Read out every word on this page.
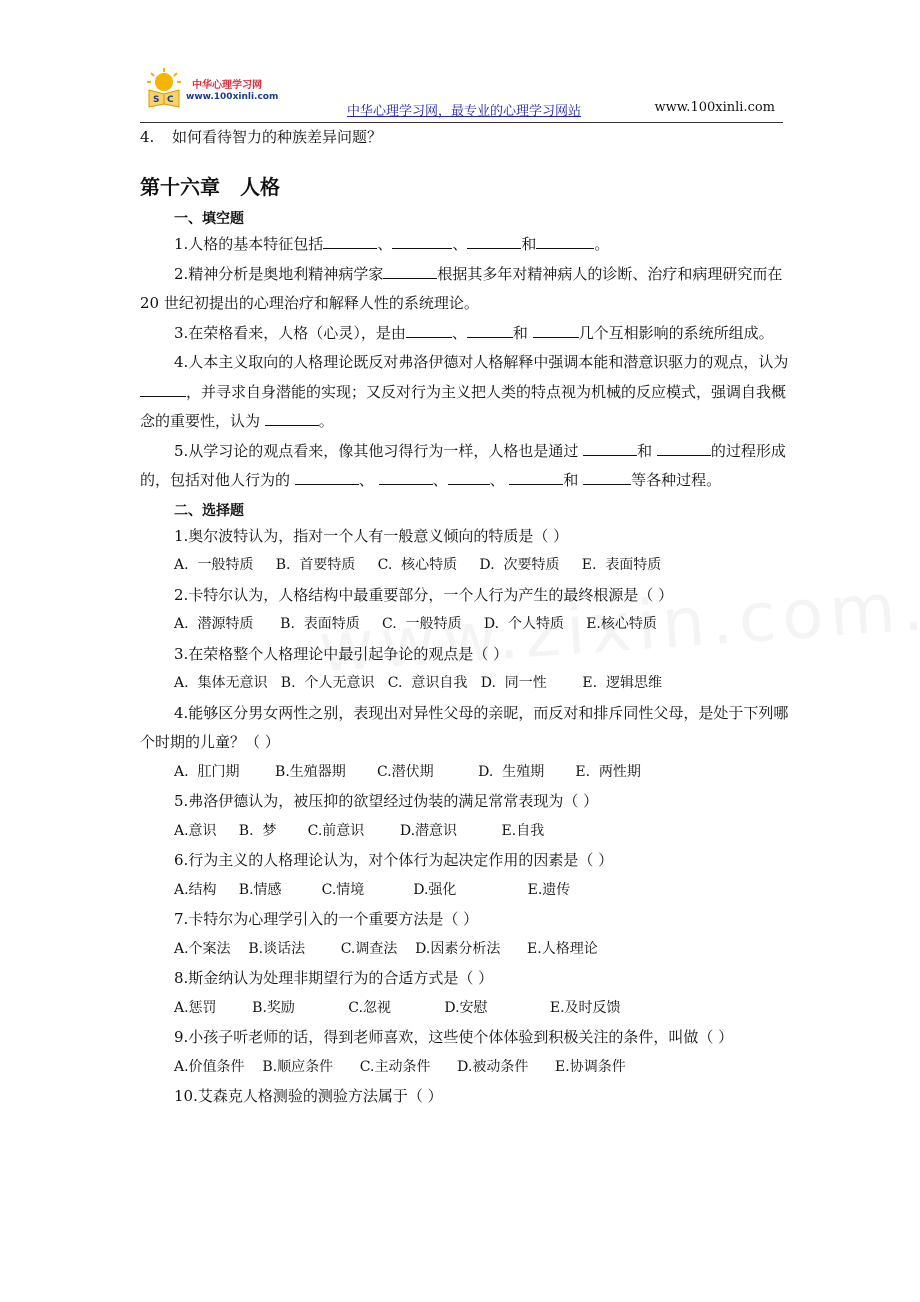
S C
中华心理学习网
www.100xinli.com
中华心理学习网，最专业的心理学习网站	www.100xinli.com
4. 如何看待智力的种族差异问题？
第十六章 人格
一、填空题

1.人格的基本特征包括	、	、	和	。

2.精神分析是奥地利精神病学家	根据其多年对精神病人的诊断、治疗和病理研究而在 20 世纪初提出的心理治疗和解释人性的系统理论。

3.在荣格看来，人格（心灵），是由	、	和	几个互相影响的系统所组成。

4.人本主义取向的人格理论既反对弗洛伊德对人格解释中强调本能和潜意识驱力的观点，认为 ，并寻求自身潜能的实现；又反对行为主义把人类的特点视为机械的反应模式，强调自我概念的重要性，认为	。

5.从学习论的观点看来，像其他习得行为一样，人格也是通过	和	的过程形成的，包括对他人行为的	、	、	、	和	等各种过程。

二、选择题

1.奥尔波特认为，指对一个人有一般意义倾向的特质是（ ）

A.  一般特质     B.  首要特质     C.  核心特质     D.  次要特质     E.  表面特质

2.卡特尔认为，人格结构中最重要部分，一个人行为产生的最终根源是（ ）

A.  潜源特质      B.  表面特质     C.  一般特质     D.  个人特质     E.核心特质

3.在荣格整个人格理论中最引起争论的观点是（ ）

A.  集体无意识   B.  个人无意识   C.  意识自我   D.  同一性        E.  逻辑思维

4.能够区分男女两性之别，表现出对异性父母的亲昵，而反对和排斥同性父母，是处于下列哪个时期的儿童？（ ）

A.  肛门期        B.生殖器期       C.潜伏期          D.  生殖期       E.  两性期

5.弗洛伊德认为，被压抑的欲望经过伪装的满足常常表现为（ ）

A.意识     B.  梦       C.前意识        D.潜意识          E.自我

6.行为主义的人格理论认为，对个体行为起决定作用的因素是（ ）

A.结构     B.情感         C.情境           D.强化                E.遗传

7.卡特尔为心理学引入的一个重要方法是（ ）

A.个案法    B.谈话法        C.调查法    D.因素分析法      E.人格理论

8.斯金纳认为处理非期望行为的合适方式是（ ）

A.惩罚        B.奖励            C.忽视            D.安慰              E.及时反馈

9.小孩子听老师的话，得到老师喜欢，这些使个体体验到积极关注的条件，叫做（ ）

A.价值条件    B.顺应条件      C.主动条件      D.被动条件      E.协调条件

10.艾森克人格测验的测验方法属于（ ）
